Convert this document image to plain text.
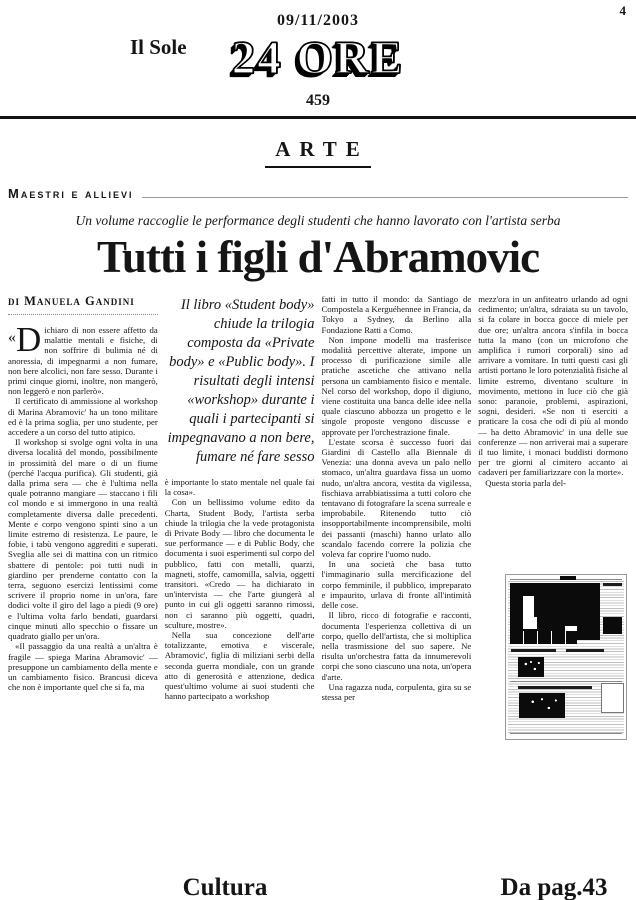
4
09/11/2003
Il Sole 24 ORE
459
ARTE
Maestri e allievi
Un volume raccoglie le performance degli studenti che hanno lavorato con l'artista serba
Tutti i figli d'Abramovic
di Manuela Gandini

«D ichiaro di non essere affetto da malattie mentali e fisiche, di non soffrire di bulimia né di anoressia, di impegnarmi a non fumare, non bere alcolici, non fare sesso. Durante i primi cinque giorni, inoltre, non mangerò, non leggerò e non parlerò».

Il certificato di ammissione al workshop di Marina Abramovic' ha un tono militare ed è la prima soglia, per uno studente, per accedere a un corso del tutto atipico.

Il workshop si svolge ogni volta in una diversa località del mondo, possibilmente in prossimità del mare o di un fiume (perché l'acqua purifica). Gli studenti, già dalla prima sera — che è l'ultima nella quale potranno mangiare — staccano i fili col mondo e si immergono in una realtà completamente diversa dalle precedenti. Mente e corpo vengono spinti sino a un limite estremo di resistenza. Le paure, le fobie, i tabù vengono aggrediti e superati. Sveglia alle sei di mattina con un ritmico sbattere di pentole: poi tutti nudi in giardino per prenderne contatto con la terra, seguono esercizi lentissimi come scrivere il proprio nome in un'ora, fare dodici volte il giro del lago a piedi (9 ore) e l'ultima volta farlo bendati, guardarsi cinque minuti allo specchio o fissare un quadrato giallo per un'ora.

«Il passaggio da una realtà a un'altra è fragile — spiega Marina Abramovic' — presuppone un cambiamento della mente e un cambiamento fisico. Brancusi diceva che non è importante quel che si fa, ma

Il libro «Student body» chiude la trilogia composta da «Private body» e «Public body». I risultati degli intensi «workshop» durante i quali i partecipanti si impegnavano a non bere, fumare né fare sesso

è importante lo stato mentale nel quale fai la cosa».

Con un bellissimo volume edito da Charta, Student Body, l'artista serba chiude la trilogia che la vede protagonista di Private Body — libro che documenta le sue performance — e di Public Body, che documenta i suoi esperimenti sul corpo del pubblico, fatti con metalli, quarzi, magneti, stoffe, camomilla, salvia, oggetti transitori. «Credo — ha dichiarato in un'intervista — che l'arte giungerà al punto in cui gli oggetti saranno rimossi, non ci saranno più oggetti, quadri, sculture, mostre».

Nella sua concezione dell'arte totalizzante, emotiva e viscerale, Abramovic', figlia di miliziani serbi della seconda guerra mondiale, con un grande atto di generosità e attenzione, dedica quest'ultimo volume ai suoi studenti che hanno partecipato a workshop

fatti in tutto il mondo: da Santiago de Compostela a Kerguéhennee in Francia, da Tokyo a Sydney, da Berlino alla Fondazione Ratti a Como.

Non impone modelli ma trasferisce modalità percettive alterate, impone un processo di purificazione simile alle pratiche ascetiche che attivano nella persona un cambiamento fisico e mentale. Nel corso del workshop, dopo il digiuno, viene costituita una banca delle idee nella quale ciascuno abbozza un progetto e le singole proposte vengono discusse e approvate per l'orchestrazione finale.

L'estate scorsa è successo fuori dai Giardini di Castello alla Biennale di Venezia: una donna aveva un palo nello stomaco, un'altra guardava fissa un uomo nudo, un'altra ancora, vestita da vigilessa, fischiava arrabbiatissima a tutti coloro che tentavano di fotografare la scena surreale e improbabile. Ritenendo tutto ciò insopportabilmente incomprensibile, molti dei passanti (maschi) hanno urlato allo scandalo facendo correre la polizia che voleva far coprire l'uomo nudo.

In una società che basa tutto l'immaginario sulla mercificazione del corpo femminile, il pubblico, impreparato e impaurito, urlava di fronte all'intimità delle cose.

Il libro, ricco di fotografie e racconti, documenta l'esperienza collettiva di un corpo, quello dell'artista, che si moltiplica nella trasmissione del suo sapere. Ne risulta un'orchestra fatta da innumerevoli corpi che sono ciascuno una nota, un'opera d'arte.

Una ragazza nuda, corpulenta, gira su se stessa per

mezz'ora in un anfiteatro urlando ad ogni cedimento; un'altra, sdraiata su un tavolo, si fa colare in bocca gocce di miele per due ore; un'altra ancora s'infila in bocca tutta la mano (con un microfono che amplifica i rumori corporali) sino ad arrivare a vomitare. In tutti questi casi gli artisti portano le loro potenzialità fisiche al limite estremo, diventano sculture in movimento, mettono in luce ciò che già sono: paranoie, problemi, aspirazioni, sogni, desideri. «Se non ti eserciti a praticare la cosa che odi di più al mondo — ha detto Abramovic' in una delle sue conferenze — non arriverai mai a superare il tuo limite, i monaci buddisti dormono per tre giorni al cimitero accanto ai cadaveri per familiarizzare con la morte».

Questa storia parla del-

Cultura	Da pag.43
